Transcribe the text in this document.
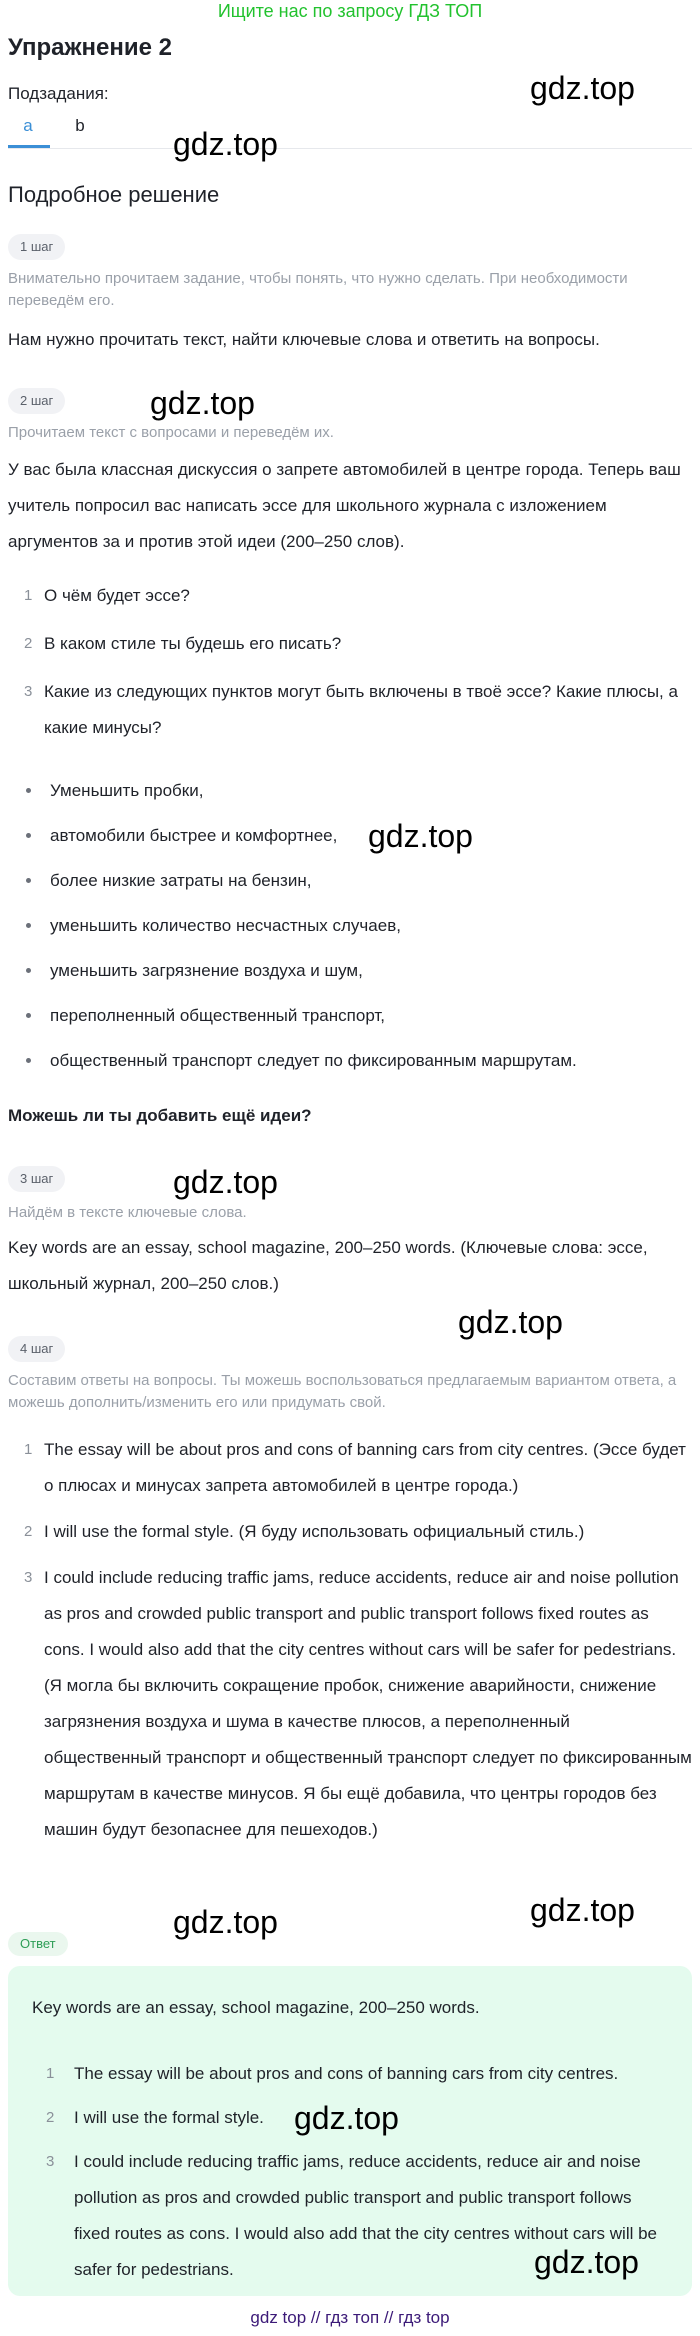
Ищите нас по запросу ГДЗ ТОП
Упражнение 2
Подзадания:
a	b
Подробное решение
1 шаг
Внимательно прочитаем задание, чтобы понять, что нужно сделать. При необходимости переведём его.
Нам нужно прочитать текст, найти ключевые слова и ответить на вопросы.
2 шаг
Прочитаем текст с вопросами и переведём их.
У вас была классная дискуссия о запрете автомобилей в центре города. Теперь ваш учитель попросил вас написать эссе для школьного журнала с изложением аргументов за и против этой идеи (200–250 слов).
1 О чём будет эссе?
2 В каком стиле ты будешь его писать?
3 Какие из следующих пунктов могут быть включены в твоё эссе? Какие плюсы, а какие минусы?
Уменьшить пробки,
автомобили быстрее и комфортнее,
более низкие затраты на бензин,
уменьшить количество несчастных случаев,
уменьшить загрязнение воздуха и шум,
переполненный общественный транспорт,
общественный транспорт следует по фиксированным маршрутам.
Можешь ли ты добавить ещё идеи?
3 шаг
Найдём в тексте ключевые слова.
Key words are an essay, school magazine, 200–250 words. (Ключевые слова: эссе, школьный журнал, 200–250 слов.)
4 шаг
Составим ответы на вопросы. Ты можешь воспользоваться предлагаемым вариантом ответа, а можешь дополнить/изменить его или придумать свой.
1 The essay will be about pros and cons of banning cars from city centres. (Эссе будет о плюсах и минусах запрета автомобилей в центре города.)
2 I will use the formal style. (Я буду использовать официальный стиль.)
3 I could include reducing traffic jams, reduce accidents, reduce air and noise pollution as pros and crowded public transport and public transport follows fixed routes as cons. I would also add that the city centres without cars will be safer for pedestrians. (Я могла бы включить сокращение пробок, снижение аварийности, снижение загрязнения воздуха и шума в качестве плюсов, а переполненный общественный транспорт и общественный транспорт следует по фиксированным маршрутам в качестве минусов. Я бы ещё добавила, что центры городов без машин будут безопаснее для пешеходов.)
Ответ
Key words are an essay, school magazine, 200–250 words.
1 The essay will be about pros and cons of banning cars from city centres.
2 I will use the formal style.
3 I could include reducing traffic jams, reduce accidents, reduce air and noise pollution as pros and crowded public transport and public transport follows fixed routes as cons. I would also add that the city centres without cars will be safer for pedestrians.
gdz top // гдз топ // гдз top
gdz.top
gdz.top
gdz.top
gdz.top
gdz.top
gdz.top
gdz.top
gdz.top
gdz.top
gdz.top
